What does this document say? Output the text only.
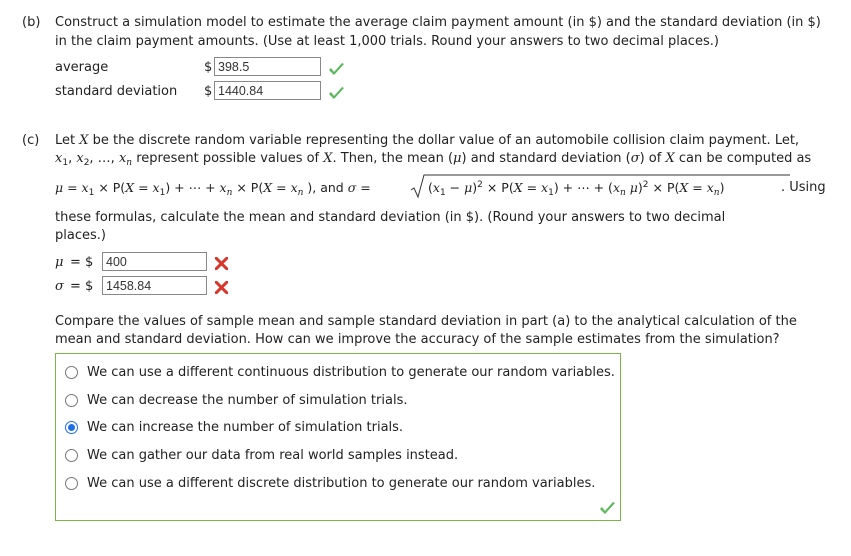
(b) Construct a simulation model to estimate the average claim payment amount (in $) and the standard deviation (in $)
in the claim payment amounts. (Use at least 1,000 trials. Round your answers to two decimal places.)
average	$ 398.5
standard deviation $ 1440.84
(c) Let X be the discrete random variable representing the dollar value of an automobile collision claim payment. Let,
$x_1$, $x_2$, …, $x_n$ represent possible values of X. Then, the mean (μ) and standard deviation (σ) of X can be computed as
$\mu = x_1 \times P(X = x_1)$ + ⋯ + $x_n \times P(X = x_n$ ), and σ =	$(x_1 - \mu)^2 \times P(X = x_1)$ + ⋯ + ($x_n$ $\mu)^2 \times P(X = x_n)$	. Using
these formulas, calculate the mean and standard deviation (in $). (Round your answers to two decimal
places.)
μ = $	400
σ = $	1458.84
Compare the values of sample mean and sample standard deviation in part (a) to the analytical calculation of the
mean and standard deviation. How can we improve the accuracy of the sample estimates from the simulation?
We can use a different continuous distribution to generate our random variables.
We can decrease the number of simulation trials.
We can increase the number of simulation trials.
We can gather our data from real world samples instead.
We can use a different discrete distribution to generate our random variables.
